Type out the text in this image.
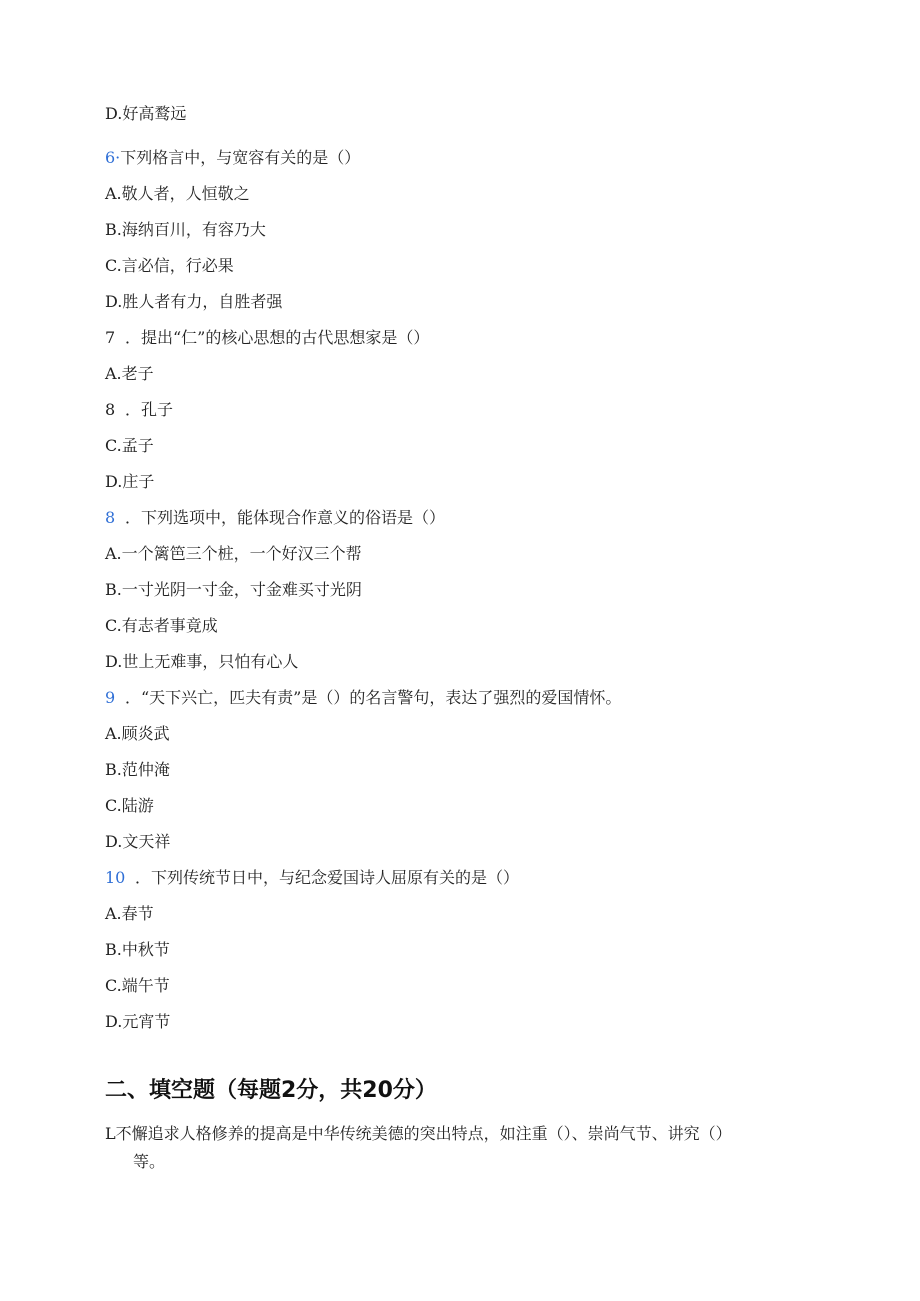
D.好高鹜远
6·下列格言中，与宽容有关的是（）
A.敬人者，人恒敬之
B.海纳百川，有容乃大
C.言必信，行必果
D.胜人者有力，自胜者强
7 ．提出“仁”的核心思想的古代思想家是（）
A.老子
8 ．孔子
C.孟子
D.庄子
8 ．下列选项中，能体现合作意义的俗语是（）
A.一个篱笆三个桩，一个好汉三个帮
B.一寸光阴一寸金，寸金难买寸光阴
C.有志者事竟成
D.世上无难事，只怕有心人
9 ．“天下兴亡，匹夫有责”是（）的名言警句，表达了强烈的爱国情怀。
A.顾炎武
B.范仲淹
C.陆游
D.文天祥
10 ．下列传统节日中，与纪念爱国诗人屈原有关的是（）
A.春节
B.中秋节
C.端午节
D.元宵节
二、填空题（每题2分，共20分）
L不懈追求人格修养的提高是中华传统美德的突出特点，如注重（）、崇尚气节、讲究（）
等。
